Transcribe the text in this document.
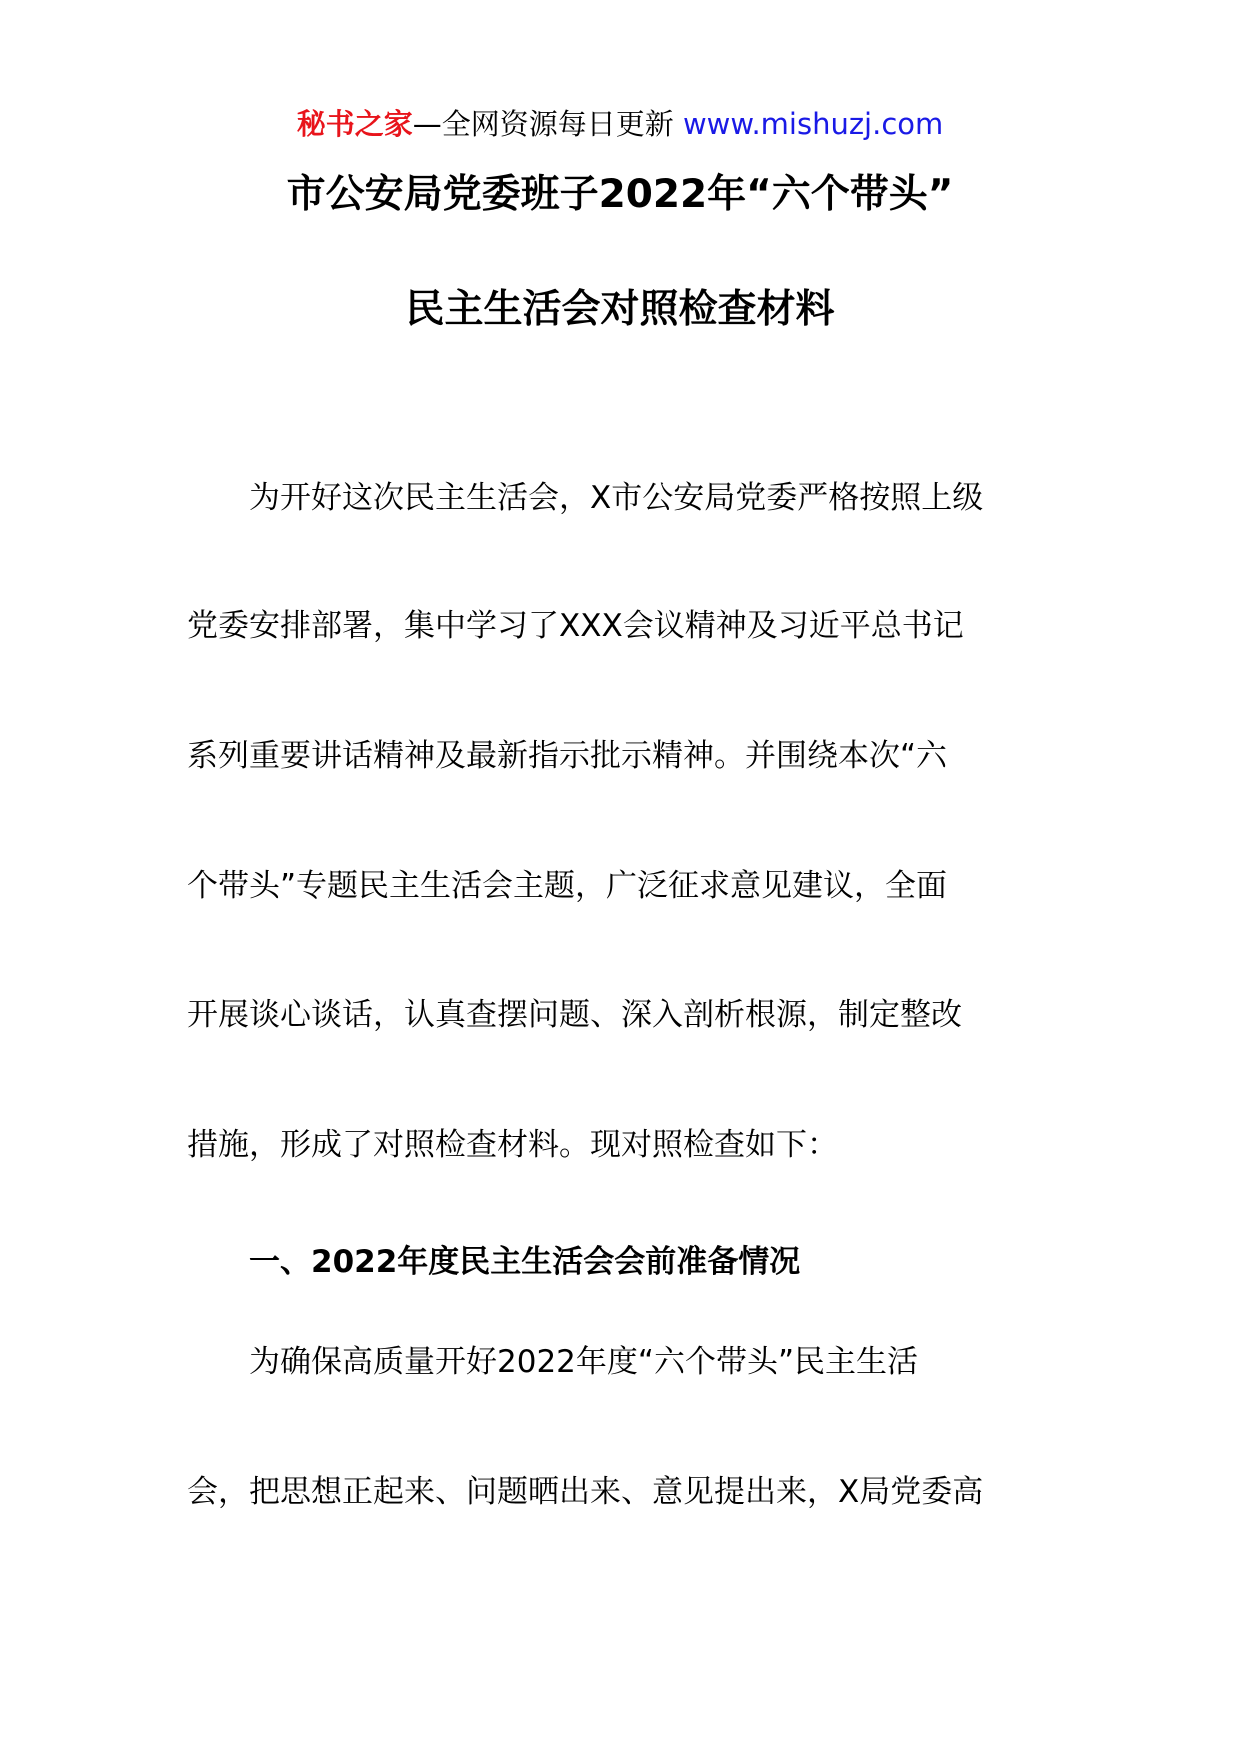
秘书之家—全网资源每日更新 www.mishuzj.com
市公安局党委班子2022年“六个带头”
民主生活会对照检查材料
　　为开好这次民主生活会，X市公安局党委严格按照上级
党委安排部署，集中学习了XXX会议精神及习近平总书记
系列重要讲话精神及最新指示批示精神。并围绕本次“六
个带头”专题民主生活会主题，广泛征求意见建议，全面
开展谈心谈话，认真查摆问题、深入剖析根源，制定整改
措施，形成了对照检查材料。现对照检查如下：
　　一、2022年度民主生活会会前准备情况
　　为确保高质量开好2022年度“六个带头”民主生活
会，把思想正起来、问题晒出来、意见提出来，X局党委高
